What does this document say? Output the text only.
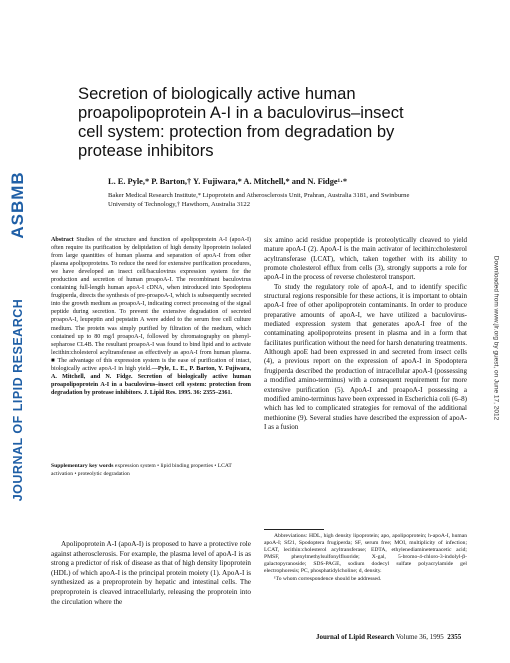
ASBMB
JOURNAL OF LIPID RESEARCH	Downloaded from www.jlr.org by guest, on June 17, 2012
Secretion of biologically active human proapolipoprotein A-I in a baculovirus–insect cell system: protection from degradation by protease inhibitors
L. E. Pyle,* P. Barton,† Y. Fujiwara,* A. Mitchell,* and N. Fidge¹·*
Baker Medical Research Institute,* Lipoprotein and Atherosclerosis Unit, Prahran, Australia 3181, and Swinburne University of Technology,† Hawthorn, Australia 3122
Abstract Studies of the structure and function of apolipoprotein A-I (apoA-I) often require its purification by delipidation of high density lipoprotein isolated from large quantities of human plasma and separation of apoA-I from other plasma apolipoproteins. To reduce the need for extensive purification procedures, we have developed an insect cell/baculovirus expression system for the production and secretion of human proapoA-I. The recombinant baculovirus containing full-length human apoA-I cDNA, when introduced into Spodoptera frugiperda, directs the synthesis of pre-proapoA-I, which is subsequently secreted into the growth medium as proapoA-I, indicating correct processing of the signal peptide during secretion. To prevent the extensive degradation of secreted proapoA-I, leupeptin and pepstatin A were added to the serum free cell culture medium. The protein was simply purified by filtration of the medium, which contained up to 80 mg/l proapoA-I, followed by chromatography on phenyl-sepharose CL4B. The resultant proapoA-I was found to bind lipid and to activate lecithin:cholesterol acyltransferase as effectively as apoA-I from human plasma. ■ The advantage of this expression system is the ease of purification of intact, biologically active apoA-I in high yield.—Pyle, L. E., P. Barton, Y. Fujiwara, A. Mitchell, and N. Fidge. Secretion of biologically active human proapolipoprotein A-I in a baculovirus–insect cell system: protection from degradation by protease inhibitors. J. Lipid Res. 1995. 36: 2355–2361.
Supplementary key words expression system • lipid binding properties • LCAT activation • proteolytic degradation

Apolipoprotein A-I (apoA-I) is proposed to have a protective role against atherosclerosis. For example, the plasma level of apoA-I is as strong a predictor of risk of disease as that of high density lipoprotein (HDL) of which apoA-I is the principal protein moiety (1). ApoA-I is synthesized as a preproprotein by hepatic and intestinal cells. The preproprotein is cleaved intracellularly, releasing the proprotein into the circulation where the

six amino acid residue propeptide is proteolytically cleaved to yield mature apoA-I (2). ApoA-I is the main activator of lecithin:cholesterol acyltransferase (LCAT), which, taken together with its ability to promote cholesterol efflux from cells (3), strongly supports a role for apoA-I in the process of reverse cholesterol transport.

To study the regulatory role of apoA-I, and to identify specific structural regions responsible for these actions, it is important to obtain apoA-I free of other apolipoprotein contaminants. In order to produce preparative amounts of apoA-I, we have utilized a baculovirus-mediated expression system that generates apoA-I free of the contaminating apolipoproteins present in plasma and in a form that facilitates purification without the need for harsh denaturing treatments. Although apoE had been expressed in and secreted from insect cells (4), a previous report on the expression of apoA-I in Spodoptera frugiperda described the production of intracellular apoA-I (possessing a modified amino-terminus) with a consequent requirement for more extensive purification (5). ApoA-I and proapoA-I possessing a modified amino-terminus have been expressed in Escherichia coli (6–8) which has led to complicated strategies for removal of the additional methionine (9). Several studies have described the expression of apoA-I as a fusion

Abbreviations: HDL, high density lipoprotein; apo, apolipoprotein; h-apoA-I, human apoA-I; Sf21, Spodoptera frugiperda; SF, serum free; MOI, multiplicity of infection; LCAT, lecithin:cholesterol acyltransferase; EDTA, ethylenediaminetetraacetic acid; PMSF, phenylmethylsulfonylfluoride; X-gal, 5-bromo-4-chloro-3-indolyl-β-galactopyranoside; SDS-PAGE, sodium dodecyl sulfate polyacrylamide gel electrophoresis; PC, phosphatidylcholine; d, density.

¹To whom correspondence should be addressed.

Journal of Lipid Research Volume 36, 1995 2355
